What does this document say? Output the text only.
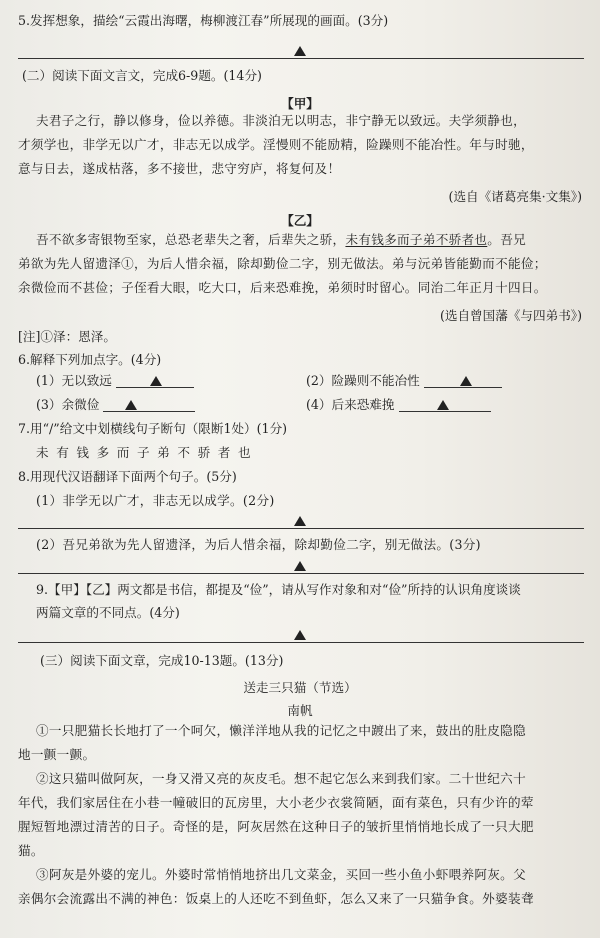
5.发挥想象，描绘“云霞出海曙，梅柳渡江春”所展现的画面。(3分)
(二）阅读下面文言文，完成6-9题。(14分)
【甲】
夫君子之行，静以修身，俭以养德。非淡泊无以明志，非宁静无以致远。夫学须静也，
才须学也，非学无以广才，非志无以成学。淫慢则不能励精，险躁则不能冶性。年与时驰，
意与日去，遂成枯落，多不接世，悲守穷庐，将复何及！
(选自《诸葛亮集·文集》)
【乙】
吾不欲多寄银物至家，总恐老辈失之奢，后辈失之骄，未有钱多而子弟不骄者也。吾兄
弟欲为先人留遗泽①，为后人惜余福，除却勤俭二字，别无做法。弟与沅弟皆能勤而不能俭；
余微俭而不甚俭；子侄看大眼，吃大口，后来恐难挽，弟须时时留心。同治二年正月十四日。
(选自曾国藩《与四弟书》)
[注]①泽：恩泽。
6.解释下列加点字。(4分)
(1）无以致远	(2）险躁则不能冶性
(3）余微俭	(4）后来恐难挽
7.用“/”给文中划横线句子断句（限断1处）(1分)
未 有 钱 多 而 子 弟 不 骄 者 也
8.用现代汉语翻译下面两个句子。(5分)
(1）非学无以广才，非志无以成学。(2分)
(2）吾兄弟欲为先人留遗泽，为后人惜余福，除却勤俭二字，别无做法。(3分)
9.【甲】【乙】两文都是书信，都提及“俭”，请从写作对象和对“俭”所持的认识角度谈谈
两篇文章的不同点。(4分)
(三）阅读下面文章，完成10-13题。(13分)
送走三只猫（节选）
南帆
①一只肥猫长长地打了一个呵欠，懒洋洋地从我的记忆之中踱出了来，鼓出的肚皮隐隐
地一颤一颤。
②这只猫叫做阿灰，一身又滑又亮的灰皮毛。想不起它怎么来到我们家。二十世纪六十
年代，我们家居住在小巷一幢破旧的瓦房里，大小老少衣裳简陋，面有菜色，只有少许的荤
腥短暂地漂过清苦的日子。奇怪的是，阿灰居然在这种日子的皱折里悄悄地长成了一只大肥
猫。
③阿灰是外婆的宠儿。外婆时常悄悄地挤出几文菜金，买回一些小鱼小虾喂养阿灰。父
亲偶尔会流露出不满的神色：饭桌上的人还吃不到鱼虾，怎么又来了一只猫争食。外婆装聋
